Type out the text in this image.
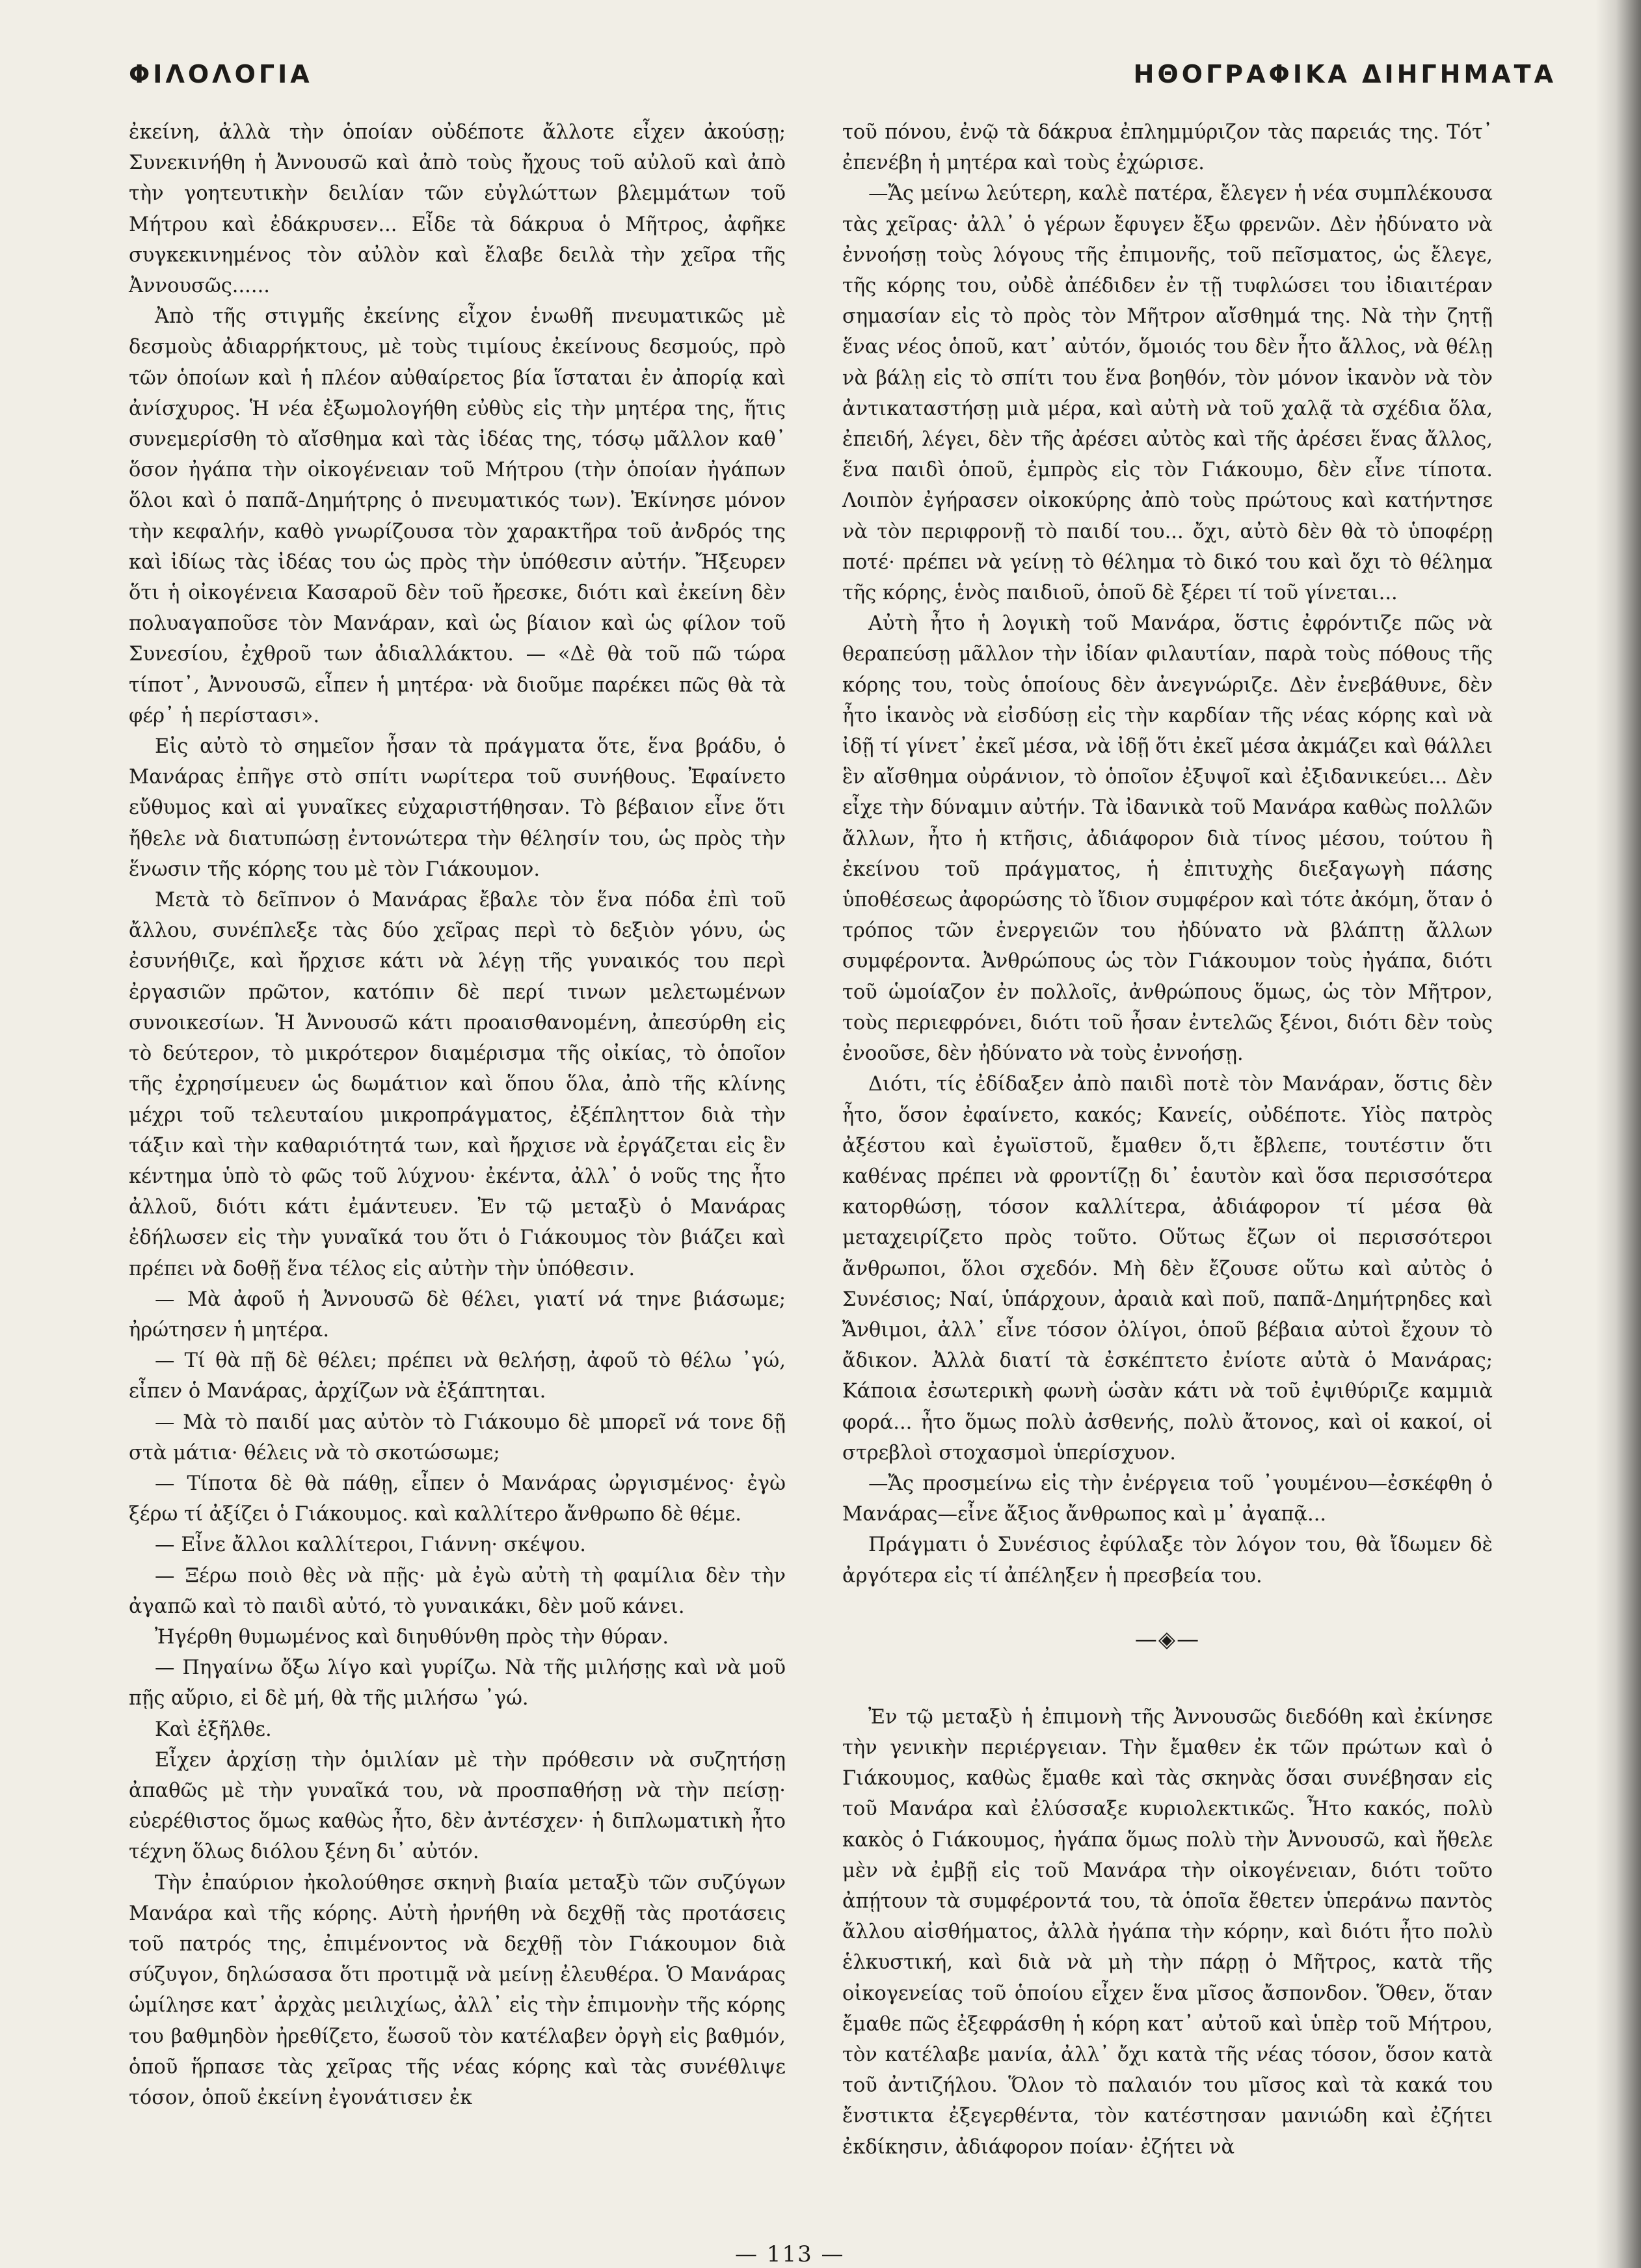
ΦΙΛΟΛΟΓΙΑ	ΗΘΟΓΡΑΦΙΚΑ ΔΙΗΓΗΜΑΤΑ

ἐκείνη, ἀλλὰ τὴν ὁποίαν οὐδέποτε ἄλλοτε εἶχεν ἀκούσῃ; Συνεκινήθη ἡ Ἀννουσῶ καὶ ἀπὸ τοὺς ἤχους τοῦ αὐλοῦ καὶ ἀπὸ τὴν γοητευτικὴν δειλίαν τῶν εὐγλώττων βλεμμάτων τοῦ Μήτρου καὶ ἐδάκρυσεν... Εἶδε τὰ δάκρυα ὁ Μῆτρος, ἀφῆκε συγκεκινημένος τὸν αὐλὸν καὶ ἔλαβε δειλὰ τὴν χεῖρα τῆς Ἀννουσῶς......

Ἀπὸ τῆς στιγμῆς ἐκείνης εἶχον ἑνωθῆ πνευματικῶς μὲ δεσμοὺς ἀδιαρρήκτους, μὲ τοὺς τιμίους ἐκείνους δεσμούς, πρὸ τῶν ὁποίων καὶ ἡ πλέον αὐθαίρετος βία ἵσταται ἐν ἀπορίᾳ καὶ ἀνίσχυρος. Ἡ νέα ἐξωμολογήθη εὐθὺς εἰς τὴν μητέρα της, ἥτις συνεμερίσθη τὸ αἴσθημα καὶ τὰς ἰδέας της, τόσῳ μᾶλλον καθ᾽ ὅσον ἠγάπα τὴν οἰκογένειαν τοῦ Μήτρου (τὴν ὁποίαν ἠγάπων ὅλοι καὶ ὁ παπᾶ-Δημήτρης ὁ πνευματικός των). Ἐκίνησε μόνον τὴν κεφαλήν, καθὸ γνωρίζουσα τὸν χαρακτῆρα τοῦ ἀνδρός της καὶ ἰδίως τὰς ἰδέας του ὡς πρὸς τὴν ὑπόθεσιν αὐτήν. Ἤξευρεν ὅτι ἡ οἰκογένεια Κασαροῦ δὲν τοῦ ἤρεσκε, διότι καὶ ἐκείνη δὲν πολυαγαποῦσε τὸν Μανάραν, καὶ ὡς βίαιον καὶ ὡς φίλον τοῦ Συνεσίου, ἐχθροῦ των ἀδιαλλάκτου. — «Δὲ θὰ τοῦ πῶ τώρα τίποτ᾽, Ἀννουσῶ, εἶπεν ἡ μητέρα· νὰ διοῦμε παρέκει πῶς θὰ τὰ φέρ᾽ ἡ περίστασι».

Εἰς αὐτὸ τὸ σημεῖον ἦσαν τὰ πράγματα ὅτε, ἕνα βράδυ, ὁ Μανάρας ἐπῆγε στὸ σπίτι νωρίτερα τοῦ συνήθους. Ἐφαίνετο εὔθυμος καὶ αἱ γυναῖκες εὐχαριστήθησαν. Τὸ βέβαιον εἶνε ὅτι ἤθελε νὰ διατυπώσῃ ἐντονώτερα τὴν θέλησίν του, ὡς πρὸς τὴν ἕνωσιν τῆς κόρης του μὲ τὸν Γιάκουμον.

Μετὰ τὸ δεῖπνον ὁ Μανάρας ἔβαλε τὸν ἕνα πόδα ἐπὶ τοῦ ἄλλου, συνέπλεξε τὰς δύο χεῖρας περὶ τὸ δεξιὸν γόνυ, ὡς ἐσυνήθιζε, καὶ ἤρχισε κάτι νὰ λέγῃ τῆς γυναικός του περὶ ἐργασιῶν πρῶτον, κατόπιν δὲ περί τινων μελετωμένων συνοικεσίων. Ἡ Ἀννουσῶ κάτι προαισθανομένη, ἀπεσύρθη εἰς τὸ δεύτερον, τὸ μικρότερον διαμέρισμα τῆς οἰκίας, τὸ ὁποῖον τῆς ἐχρησίμευεν ὡς δωμάτιον καὶ ὅπου ὅλα, ἀπὸ τῆς κλίνης μέχρι τοῦ τελευταίου μικροπράγματος, ἐξέπληττον διὰ τὴν τάξιν καὶ τὴν καθαριότητά των, καὶ ἤρχισε νὰ ἐργάζεται εἰς ἓν κέντημα ὑπὸ τὸ φῶς τοῦ λύχνου· ἐκέντα, ἀλλ᾽ ὁ νοῦς της ἦτο ἀλλοῦ, διότι κάτι ἐμάντευεν. Ἐν τῷ μεταξὺ ὁ Μανάρας ἐδήλωσεν εἰς τὴν γυναῖκά του ὅτι ὁ Γιάκουμος τὸν βιάζει καὶ πρέπει νὰ δοθῇ ἕνα τέλος εἰς αὐτὴν τὴν ὑπόθεσιν.

— Μὰ ἀφοῦ ἡ Ἀννουσῶ δὲ θέλει, γιατί νά τηνε βιάσωμε; ἠρώτησεν ἡ μητέρα.

— Τί θὰ πῇ δὲ θέλει; πρέπει νὰ θελήσῃ, ἀφοῦ τὸ θέλω ᾽γώ, εἶπεν ὁ Μανάρας, ἀρχίζων νὰ ἐξάπτηται.

— Μὰ τὸ παιδί μας αὐτὸν τὸ Γιάκουμο δὲ μπορεῖ νά τονε δῇ στὰ μάτια· θέλεις νὰ τὸ σκοτώσωμε;

— Τίποτα δὲ θὰ πάθῃ, εἶπεν ὁ Μανάρας ὠργισμένος· ἐγὼ ξέρω τί ἀξίζει ὁ Γιάκουμος. καὶ καλλίτερο ἄνθρωπο δὲ θέμε.

— Εἶνε ἄλλοι καλλίτεροι, Γιάννη· σκέψου.

— Ξέρω ποιὸ θὲς νὰ πῇς· μὰ ἐγὼ αὐτὴ τὴ φαμίλια δὲν τὴν ἀγαπῶ καὶ τὸ παιδὶ αὐτό, τὸ γυναικάκι, δὲν μοῦ κάνει.

Ἠγέρθη θυμωμένος καὶ διηυθύνθη πρὸς τὴν θύραν.

— Πηγαίνω ὄξω λίγο καὶ γυρίζω. Νὰ τῆς μιλήσῃς καὶ νὰ μοῦ πῇς αὔριο, εἰ δὲ μή, θὰ τῆς μιλήσω ᾽γώ.

Καὶ ἐξῆλθε.

Εἶχεν ἀρχίσῃ τὴν ὁμιλίαν μὲ τὴν πρόθεσιν νὰ συζητήσῃ ἀπαθῶς μὲ τὴν γυναῖκά του, νὰ προσπαθήσῃ νὰ τὴν πείσῃ· εὐερέθιστος ὅμως καθὼς ἦτο, δὲν ἀντέσχεν· ἡ διπλωματικὴ ἦτο τέχνη ὅλως διόλου ξένη δι᾽ αὐτόν.

Τὴν ἐπαύριον ἠκολούθησε σκηνὴ βιαία μεταξὺ τῶν συζύγων Μανάρα καὶ τῆς κόρης. Αὐτὴ ἠρνήθη νὰ δεχθῇ τὰς προτάσεις τοῦ πατρός της, ἐπιμένοντος νὰ δεχθῇ τὸν Γιάκουμον διὰ σύζυγον, δηλώσασα ὅτι προτιμᾷ νὰ μείνῃ ἐλευθέρα. Ὁ Μανάρας ὡμίλησε κατ᾽ ἀρχὰς μειλιχίως, ἀλλ᾽ εἰς τὴν ἐπιμονὴν τῆς κόρης του βαθμηδὸν ἠρεθίζετο, ἕωσοῦ τὸν κατέλαβεν ὀργὴ εἰς βαθμόν, ὁποῦ ἥρπασε τὰς χεῖρας τῆς νέας κόρης καὶ τὰς συνέθλιψε τόσον, ὁποῦ ἐκείνη ἐγονάτισεν ἐκ

τοῦ πόνου, ἐνῷ τὰ δάκρυα ἐπλημμύριζον τὰς παρειάς της. Τότ᾽ ἐπενέβη ἡ μητέρα καὶ τοὺς ἐχώρισε.

—Ἄς μείνω λεύτερη, καλὲ πατέρα, ἔλεγεν ἡ νέα συμπλέκουσα τὰς χεῖρας· ἀλλ᾽ ὁ γέρων ἔφυγεν ἔξω φρενῶν. Δὲν ἠδύνατο νὰ ἐννοήσῃ τοὺς λόγους τῆς ἐπιμονῆς, τοῦ πεῖσματος, ὡς ἔλεγε, τῆς κόρης του, οὐδὲ ἀπέδιδεν ἐν τῇ τυφλώσει του ἰδιαιτέραν σημασίαν εἰς τὸ πρὸς τὸν Μῆτρον αἴσθημά της. Νὰ τὴν ζητῇ ἕνας νέος ὁποῦ, κατ᾽ αὐτόν, ὅμοιός του δὲν ἦτο ἄλλος, νὰ θέλῃ νὰ βάλῃ εἰς τὸ σπίτι του ἕνα βοηθόν, τὸν μόνον ἱκανὸν νὰ τὸν ἀντικαταστήσῃ μιὰ μέρα, καὶ αὐτὴ νὰ τοῦ χαλᾷ τὰ σχέδια ὅλα, ἐπειδή, λέγει, δὲν τῆς ἀρέσει αὐτὸς καὶ τῆς ἀρέσει ἕνας ἄλλος, ἕνα παιδὶ ὁποῦ, ἐμπρὸς εἰς τὸν Γιάκουμο, δὲν εἶνε τίποτα. Λοιπὸν ἐγήρασεν οἰκοκύρης ἀπὸ τοὺς πρώτους καὶ κατήντησε νὰ τὸν περιφρονῇ τὸ παιδί του... ὄχι, αὐτὸ δὲν θὰ τὸ ὑποφέρῃ ποτέ· πρέπει νὰ γείνῃ τὸ θέλημα τὸ δικό του καὶ ὄχι τὸ θέλημα τῆς κόρης, ἑνὸς παιδιοῦ, ὁποῦ δὲ ξέρει τί τοῦ γίνεται...

Αὐτὴ ἦτο ἡ λογικὴ τοῦ Μανάρα, ὅστις ἐφρόντιζε πῶς νὰ θεραπεύσῃ μᾶλλον τὴν ἰδίαν φιλαυτίαν, παρὰ τοὺς πόθους τῆς κόρης του, τοὺς ὁποίους δὲν ἀνεγνώριζε. Δὲν ἐνεβάθυνε, δὲν ἦτο ἱκανὸς νὰ εἰσδύσῃ εἰς τὴν καρδίαν τῆς νέας κόρης καὶ νὰ ἰδῇ τί γίνετ᾽ ἐκεῖ μέσα, νὰ ἰδῇ ὅτι ἐκεῖ μέσα ἀκμάζει καὶ θάλλει ἓν αἴσθημα οὐράνιον, τὸ ὁποῖον ἐξυψοῖ καὶ ἐξιδανικεύει... Δὲν εἶχε τὴν δύναμιν αὐτήν. Τὰ ἰδανικὰ τοῦ Μανάρα καθὼς πολλῶν ἄλλων, ἦτο ἡ κτῆσις, ἀδιάφορον διὰ τίνος μέσου, τούτου ἢ ἐκείνου τοῦ πράγματος, ἡ ἐπιτυχὴς διεξαγωγὴ πάσης ὑποθέσεως ἀφορώσης τὸ ἴδιον συμφέρον καὶ τότε ἀκόμη, ὅταν ὁ τρόπος τῶν ἐνεργειῶν του ἠδύνατο νὰ βλάπτῃ ἄλλων συμφέροντα. Ἀνθρώπους ὡς τὸν Γιάκουμον τοὺς ἠγάπα, διότι τοῦ ὡμοίαζον ἐν πολλοῖς, ἀνθρώπους ὅμως, ὡς τὸν Μῆτρον, τοὺς περιεφρόνει, διότι τοῦ ἦσαν ἐντελῶς ξένοι, διότι δὲν τοὺς ἐνοοῦσε, δὲν ἠδύνατο νὰ τοὺς ἐννοήσῃ.

Διότι, τίς ἐδίδαξεν ἀπὸ παιδὶ ποτὲ τὸν Μανάραν, ὅστις δὲν ἦτο, ὅσον ἐφαίνετο, κακός; Κανείς, οὐδέποτε. Υἱὸς πατρὸς ἀξέστου καὶ ἐγωϊστοῦ, ἔμαθεν ὅ,τι ἔβλεπε, τουτέστιν ὅτι καθένας πρέπει νὰ φροντίζῃ δι᾽ ἑαυτὸν καὶ ὅσα περισσότερα κατορθώσῃ, τόσον καλλίτερα, ἀδιάφορον τί μέσα θὰ μεταχειρίζετο πρὸς τοῦτο. Οὕτως ἔζων οἱ περισσότεροι ἄνθρωποι, ὅλοι σχεδόν. Μὴ δὲν ἔζουσε οὕτω καὶ αὐτὸς ὁ Συνέσιος; Ναί, ὑπάρχουν, ἀραιὰ καὶ ποῦ, παπᾶ-Δημήτρηδες καὶ Ἄνθιμοι, ἀλλ᾽ εἶνε τόσον ὀλίγοι, ὁποῦ βέβαια αὐτοὶ ἔχουν τὸ ἄδικον. Ἀλλὰ διατί τὰ ἐσκέπτετο ἐνίοτε αὐτὰ ὁ Μανάρας; Κάποια ἐσωτερικὴ φωνὴ ὡσὰν κάτι νὰ τοῦ ἐψιθύριζε καμμιὰ φορά... ἦτο ὅμως πολὺ ἀσθενής, πολὺ ἄτονος, καὶ οἱ κακοί, οἱ στρεβλοὶ στοχασμοὶ ὑπερίσχυον.

—Ἄς προσμείνω εἰς τὴν ἐνέργεια τοῦ ᾽γουμένου—ἐσκέφθη ὁ Μανάρας—εἶνε ἄξιος ἄνθρωπος καὶ μ᾽ ἀγαπᾷ...

Πράγματι ὁ Συνέσιος ἐφύλαξε τὸν λόγον του, θὰ ἴδωμεν δὲ ἀργότερα εἰς τί ἀπέληξεν ἡ πρεσβεία του.

—◈—

Ἐν τῷ μεταξὺ ἡ ἐπιμονὴ τῆς Ἀννουσῶς διεδόθη καὶ ἐκίνησε τὴν γενικὴν περιέργειαν. Τὴν ἔμαθεν ἐκ τῶν πρώτων καὶ ὁ Γιάκουμος, καθὼς ἔμαθε καὶ τὰς σκηνὰς ὅσαι συνέβησαν εἰς τοῦ Μανάρα καὶ ἐλύσσαξε κυριολεκτικῶς. Ἦτο κακός, πολὺ κακὸς ὁ Γιάκουμος, ἠγάπα ὅμως πολὺ τὴν Ἀννουσῶ, καὶ ἤθελε μὲν νὰ ἐμβῇ εἰς τοῦ Μανάρα τὴν οἰκογένειαν, διότι τοῦτο ἀπῄτουν τὰ συμφέροντά του, τὰ ὁποῖα ἔθετεν ὑπεράνω παντὸς ἄλλου αἰσθήματος, ἀλλὰ ἠγάπα τὴν κόρην, καὶ διότι ἦτο πολὺ ἑλκυστική, καὶ διὰ νὰ μὴ τὴν πάρῃ ὁ Μῆτρος, κατὰ τῆς οἰκογενείας τοῦ ὁποίου εἶχεν ἕνα μῖσος ἄσπονδον. Ὅθεν, ὅταν ἔμαθε πῶς ἐξεφράσθη ἡ κόρη κατ᾽ αὐτοῦ καὶ ὑπὲρ τοῦ Μήτρου, τὸν κατέλαβε μανία, ἀλλ᾽ ὄχι κατὰ τῆς νέας τόσον, ὅσον κατὰ τοῦ ἀντιζήλου. Ὅλον τὸ παλαιόν του μῖσος καὶ τὰ κακά του ἔνστικτα ἐξεγερθέντα, τὸν κατέστησαν μανιώδη καὶ ἐζήτει ἐκδίκησιν, ἀδιάφορον ποίαν· ἐζήτει νὰ

— 113 —
